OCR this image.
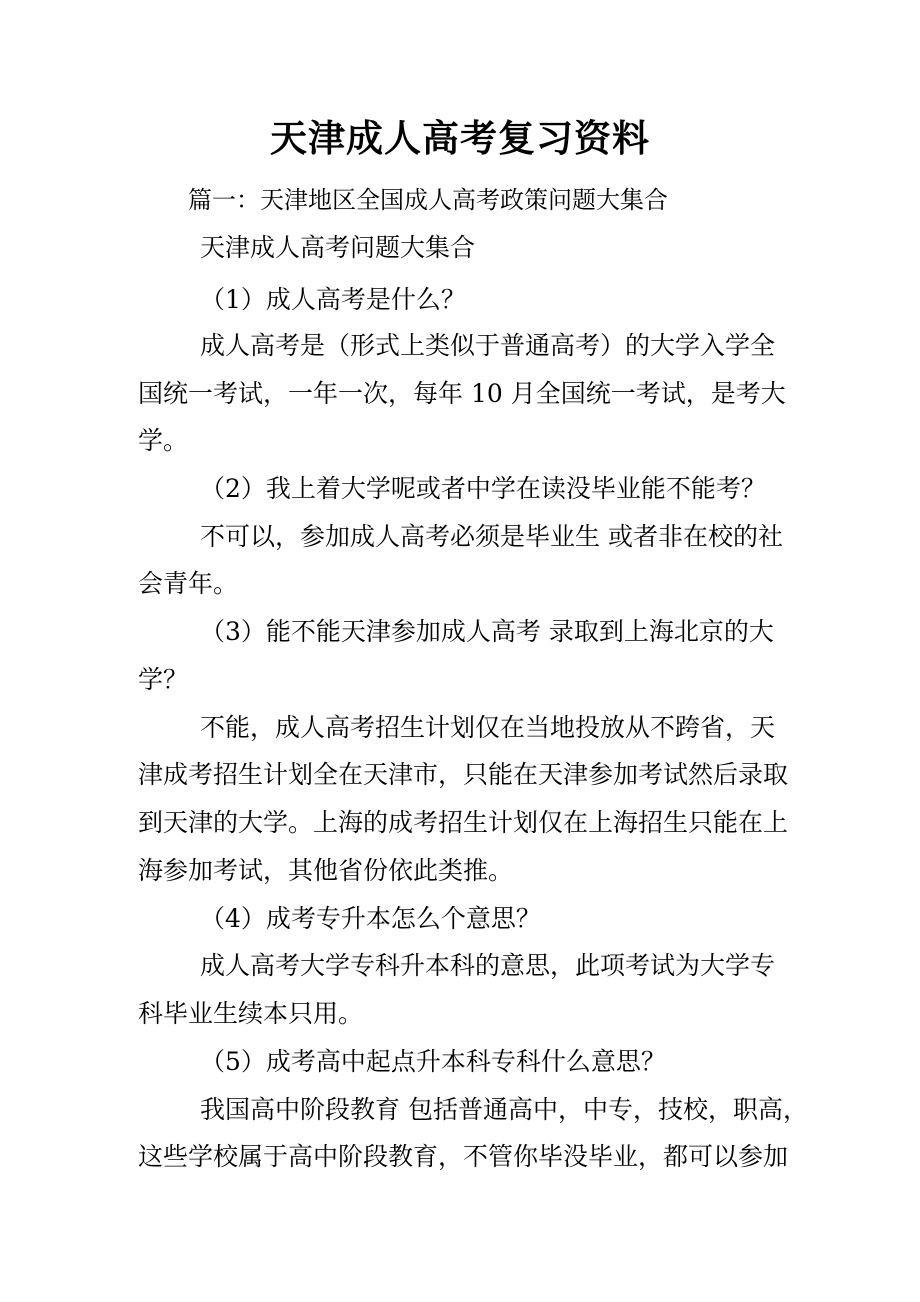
天津成人高考复习资料
篇一：天津地区全国成人高考政策问题大集合
天津成人高考问题大集合
（1）成人高考是什么？
成人高考是（形式上类似于普通高考）的大学入学全
国统一考试，一年一次，每年 10 月全国统一考试，是考大
学。
（2）我上着大学呢或者中学在读没毕业能不能考？
不可以，参加成人高考必须是毕业生 或者非在校的社
会青年。
（3）能不能天津参加成人高考 录取到上海北京的大
学？
不能，成人高考招生计划仅在当地投放从不跨省，天
津成考招生计划全在天津市，只能在天津参加考试然后录取
到天津的大学。上海的成考招生计划仅在上海招生只能在上
海参加考试，其他省份依此类推。
（4）成考专升本怎么个意思？
成人高考大学专科升本科的意思，此项考试为大学专
科毕业生续本只用。
（5）成考高中起点升本科专科什么意思？
我国高中阶段教育 包括普通高中，中专，技校，职高，
这些学校属于高中阶段教育，不管你毕没毕业，都可以参加
